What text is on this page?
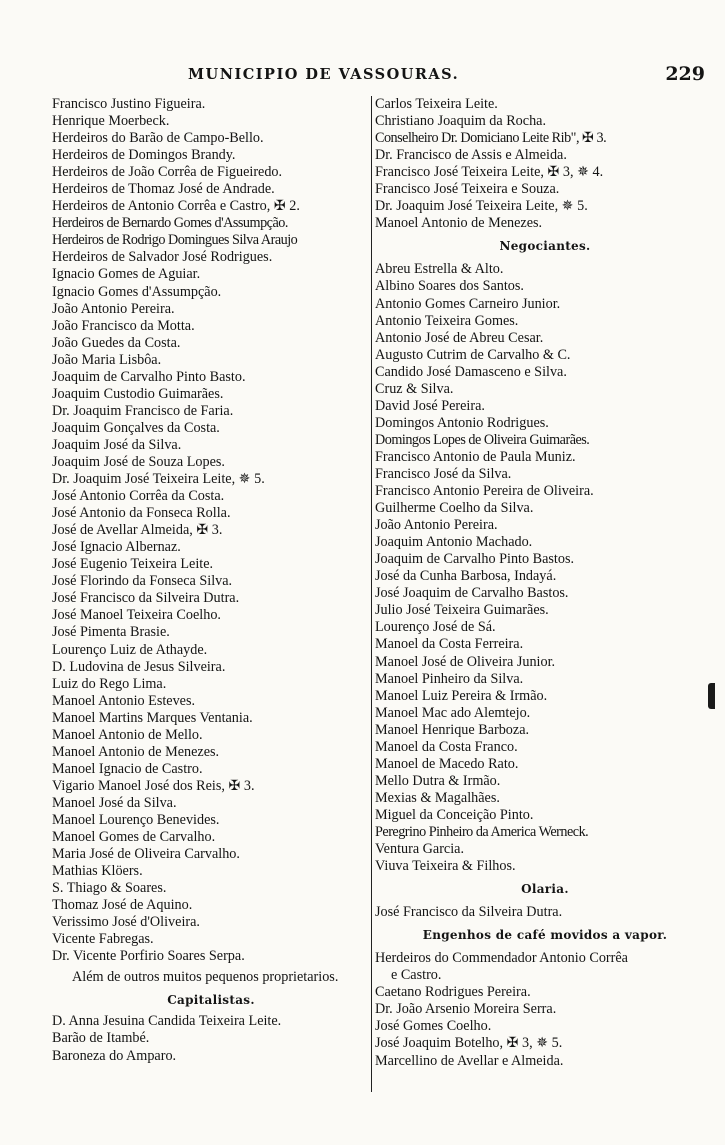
MUNICIPIO DE VASSOURAS.	229
Francisco Justino Figueira.
Henrique Moerbeck.
Herdeiros do Barão de Campo-Bello.
Herdeiros de Domingos Brandy.
Herdeiros de João Corrêa de Figueiredo.
Herdeiros de Thomaz José de Andrade.
Herdeiros de Antonio Corrêa e Castro, ✠ 2.
Herdeiros de Bernardo Gomes d'Assumpção.
Herdeiros de Rodrigo Domingues Silva Araujo
Herdeiros de Salvador José Rodrigues.
Ignacio Gomes de Aguiar.
Ignacio Gomes d'Assumpção.
João Antonio Pereira.
João Francisco da Motta.
João Guedes da Costa.
João Maria Lisbôa.
Joaquim de Carvalho Pinto Basto.
Joaquim Custodio Guimarães.
Dr. Joaquim Francisco de Faria.
Joaquim Gonçalves da Costa.
Joaquim José da Silva.
Joaquim José de Souza Lopes.
Dr. Joaquim José Teixeira Leite, ✵ 5.
José Antonio Corrêa da Costa.
José Antonio da Fonseca Rolla.
José de Avellar Almeida, ✠ 3.
José Ignacio Albernaz.
José Eugenio Teixeira Leite.
José Florindo da Fonseca Silva.
José Francisco da Silveira Dutra.
José Manoel Teixeira Coelho.
José Pimenta Brasie.
Lourenço Luiz de Athayde.
D. Ludovina de Jesus Silveira.
Luiz do Rego Lima.
Manoel Antonio Esteves.
Manoel Martins Marques Ventania.
Manoel Antonio de Mello.
Manoel Antonio de Menezes.
Manoel Ignacio de Castro.
Vigario Manoel José dos Reis, ✠ 3.
Manoel José da Silva.
Manoel Lourenço Benevides.
Manoel Gomes de Carvalho.
Maria José de Oliveira Carvalho.
Mathias Klöers.
S. Thiago & Soares.
Thomaz José de Aquino.
Verissimo José d'Oliveira.
Vicente Fabregas.
Dr. Vicente Porfirio Soares Serpa.
Além de outros muitos pequenos proprietarios.
Capitalistas.
D. Anna Jesuina Candida Teixeira Leite.
Barão de Itambé.
Baroneza do Amparo.
Carlos Teixeira Leite.
Christiano Joaquim da Rocha.
Conselheiro Dr. Domiciano Leite Rib", ✠ 3.
Dr. Francisco de Assis e Almeida.
Francisco José Teixeira Leite, ✠ 3, ✵ 4.
Francisco José Teixeira e Souza.
Dr. Joaquim José Teixeira Leite, ✵ 5.
Manoel Antonio de Menezes.
Negociantes.
Abreu Estrella & Alto.
Albino Soares dos Santos.
Antonio Gomes Carneiro Junior.
Antonio Teixeira Gomes.
Antonio José de Abreu Cesar.
Augusto Cutrim de Carvalho & C.
Candido José Damasceno e Silva.
Cruz & Silva.
David José Pereira.
Domingos Antonio Rodrigues.
Domingos Lopes de Oliveira Guimarães.
Francisco Antonio de Paula Muniz.
Francisco José da Silva.
Francisco Antonio Pereira de Oliveira.
Guilherme Coelho da Silva.
João Antonio Pereira.
Joaquim Antonio Machado.
Joaquim de Carvalho Pinto Bastos.
José da Cunha Barbosa, Indayá.
José Joaquim de Carvalho Bastos.
Julio José Teixeira Guimarães.
Lourenço José de Sá.
Manoel da Costa Ferreira.
Manoel José de Oliveira Junior.
Manoel Pinheiro da Silva.
Manoel Luiz Pereira & Irmão.
Manoel Mac ado Alemtejo.
Manoel Henrique Barboza.
Manoel da Costa Franco.
Manoel de Macedo Rato.
Mello Dutra & Irmão.
Mexias & Magalhães.
Miguel da Conceição Pinto.
Peregrino Pinheiro da America Werneck.
Ventura Garcia.
Viuva Teixeira & Filhos.
Olaria.
José Francisco da Silveira Dutra.
Engenhos de café movidos a vapor.
Herdeiros do Commendador Antonio Corrêa
e Castro.
Caetano Rodrigues Pereira.
Dr. João Arsenio Moreira Serra.
José Gomes Coelho.
José Joaquim Botelho, ✠ 3, ✵ 5.
Marcellino de Avellar e Almeida.
